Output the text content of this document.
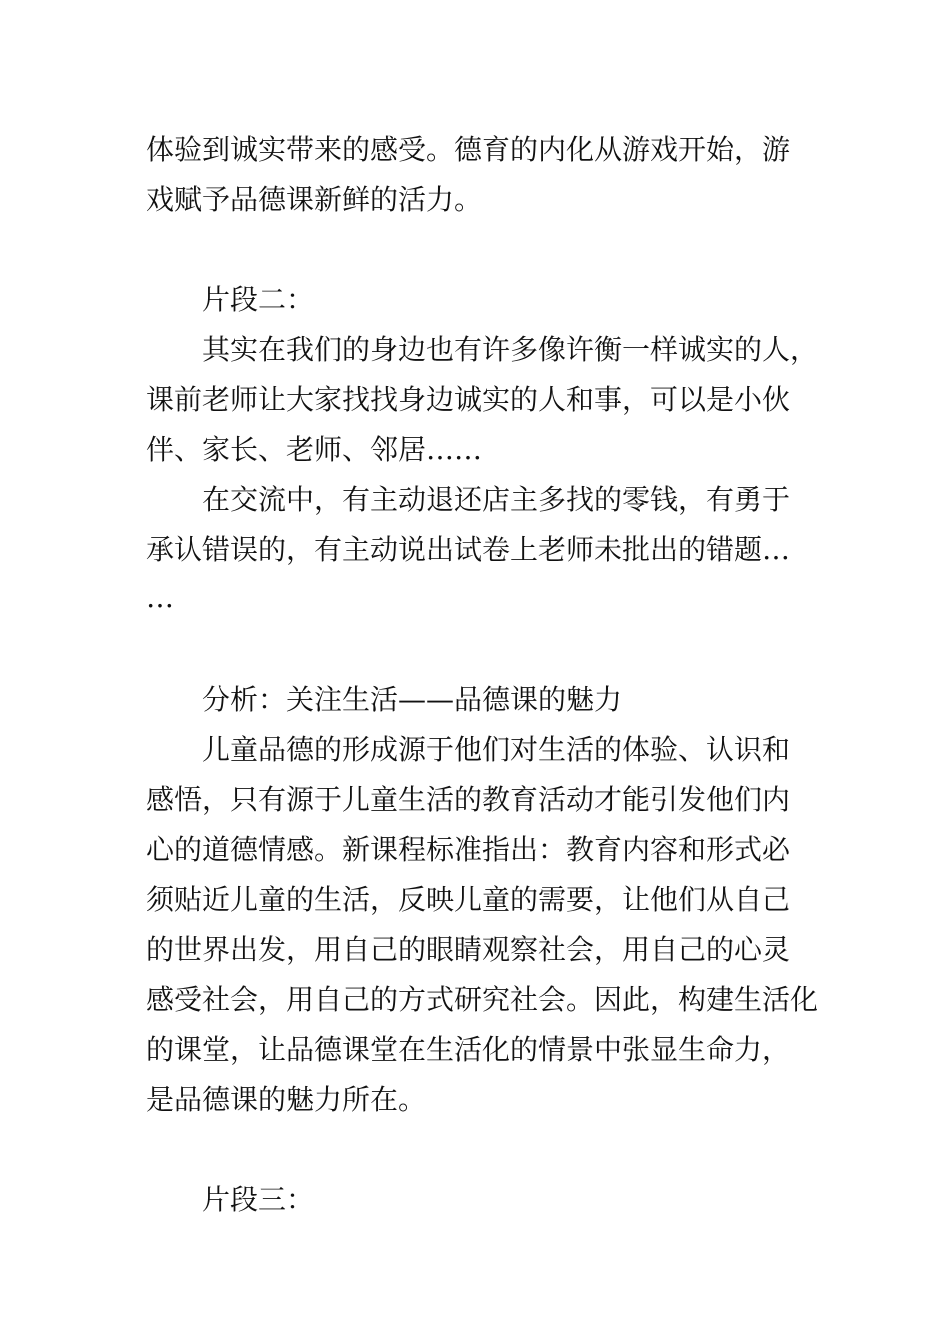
体验到诚实带来的感受。德育的内化从游戏开始，游
戏赋予品德课新鲜的活力。
片段二：
其实在我们的身边也有许多像许衡一样诚实的人，
课前老师让大家找找身边诚实的人和事，可以是小伙
伴、家长、老师、邻居……
在交流中，有主动退还店主多找的零钱，有勇于
承认错误的，有主动说出试卷上老师未批出的错题…
…
分析：关注生活——品德课的魅力
儿童品德的形成源于他们对生活的体验、认识和
感悟，只有源于儿童生活的教育活动才能引发他们内
心的道德情感。新课程标准指出：教育内容和形式必
须贴近儿童的生活，反映儿童的需要，让他们从自己
的世界出发，用自己的眼睛观察社会，用自己的心灵
感受社会，用自己的方式研究社会。因此，构建生活化
的课堂，让品德课堂在生活化的情景中张显生命力，
是品德课的魅力所在。
片段三：
